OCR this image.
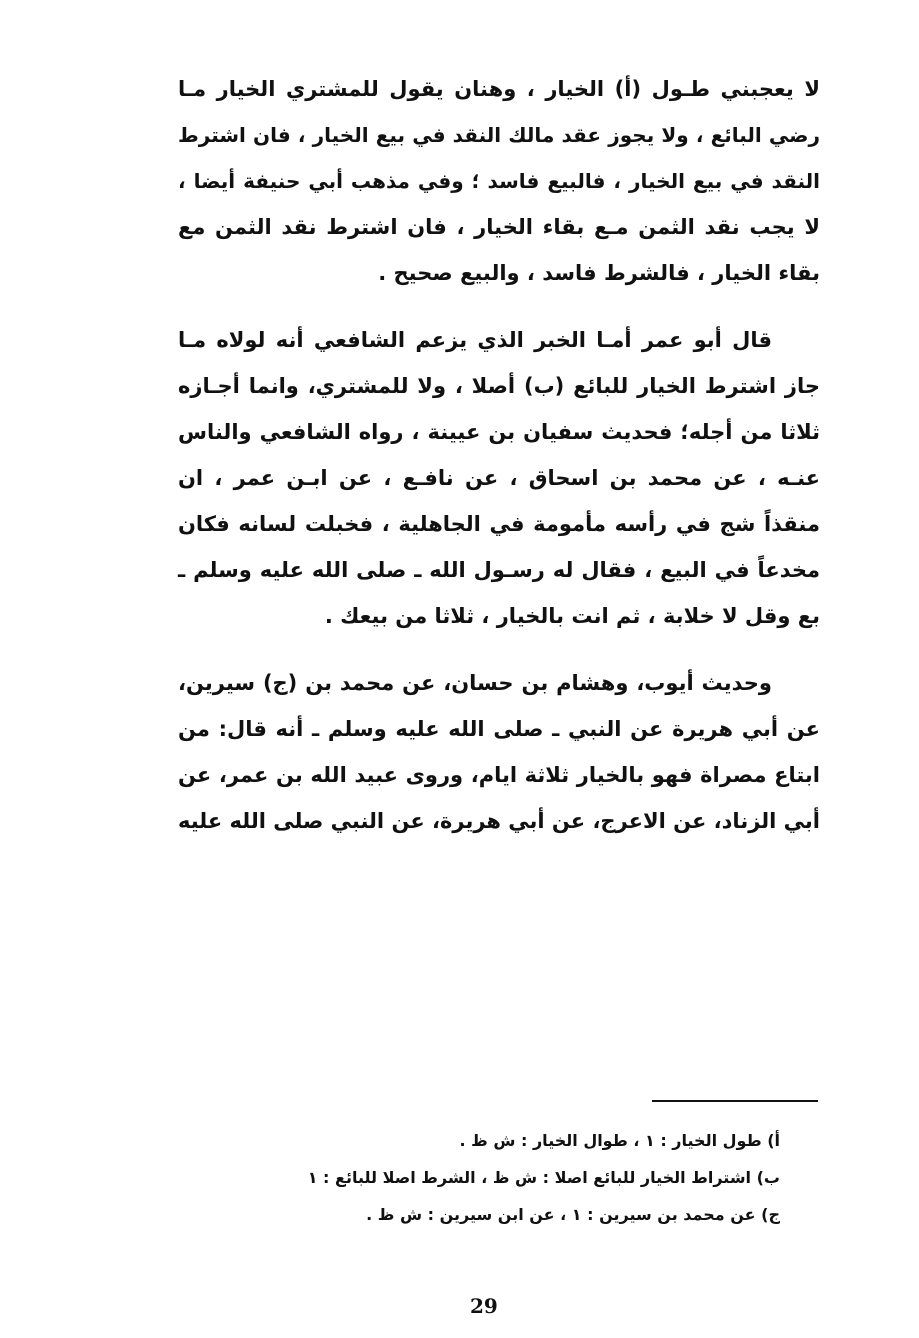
لا يعجبني طـول (أ) الخيار ، وهنان يقول للمشتري الخيار مـا
رضي البائع ، ولا يجوز عقد مالك النقد في بيع الخيار ، فان اشترط
النقد في بيع الخيار ، فالبيع فاسد ؛ وفي مذهب أبي حنيفة أيضا ،
لا يجب نقد الثمن مـع بقاء الخيار ، فان اشترط نقد الثمن مع
بقاء الخيار ، فالشرط فاسد ، والبيع صحيح .
قال أبو عمر أمـا الخبر الذي يزعم الشافعي أنه لولاه مـا
جاز اشترط الخيار للبائع (ب) أصلا ، ولا للمشتري، وانما أجـازه
ثلاثا من أجله؛ فحديث سفيان بن عيينة ، رواه الشافعي والناس
عنـه ، عن محمد بن اسحاق ، عن نافـع ، عن ابـن عمر ، ان
منقذاً شج في رأسه مأمومة في الجاهلية ، فخبلت لسانه فكان
مخدعاً في البيع ، فقال له رسـول الله ـ صلى الله عليه وسلم ـ
بع وقل لا خلابة ، ثم انت بالخيار ، ثلاثا من بيعك .
وحديث أيوب، وهشام بن حسان، عن محمد بن (ج) سيرين،
عن أبي هريرة عن النبي ـ صلى الله عليه وسلم ـ أنه قال: من
ابتاع مصراة فهو بالخيار ثلاثة ايام، وروى عبيد الله بن عمر، عن
أبي الزناد، عن الاعرج، عن أبي هريرة، عن النبي صلى الله عليه
أ) طول الخيار : ١ ، طوال الخيار : ش ظ .
ب) اشتراط الخيار للبائع اصلا : ش ظ ، الشرط اصلا للبائع : ١
ج) عن محمد بن سيرين : ١ ، عن ابن سيرين : ش ظ .
29
